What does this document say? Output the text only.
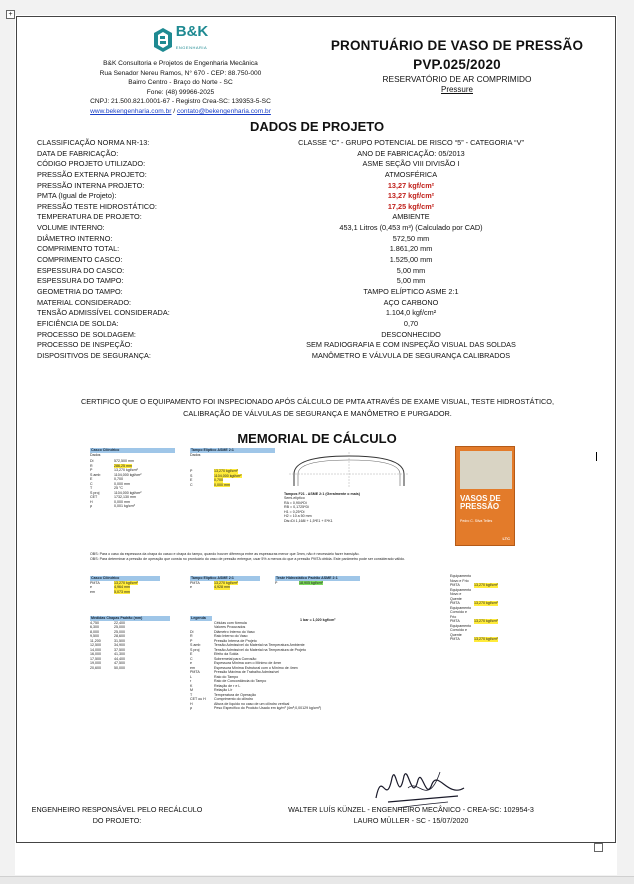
+
B&K
ENGENHARIA
B&K Consultoria e Projetos de Engenharia Mecânica
Rua Senador Nereu Ramos, N° 670 - CEP: 88.750-000
Bairro Centro - Braço do Norte - SC
Fone: (48) 99966-2025
CNPJ: 21.500.821.0001-67 - Registro Crea-SC: 139353-5-SC
www.bekengenharia.com.br / contato@bekengenharia.com.br
PRONTUÁRIO DE VASO DE PRESSÃO
PVP.025/2020
RESERVATÓRIO DE AR COMPRIMIDO
Pressure
DADOS DE PROJETO
CLASSIFICAÇÃO NORMA NR-13:	CLASSE “C” - GRUPO POTENCIAL DE RISCO “5” - CATEGORIA “V”
DATA DE FABRICAÇÃO:	ANO DE FABRICAÇÃO: 05/2013
CÓDIGO PROJETO UTILIZADO:	ASME SEÇÃO VIII DIVISÃO I
PRESSÃO EXTERNA PROJETO:	ATMOSFÉRICA
PRESSÃO INTERNA PROJETO:	13,27 kgf/cm²
PMTA (Igual de Projeto):	13,27 kgf/cm²
PRESSÃO TESTE HIDROSTÁTICO:	17,25 kgf/cm²
TEMPERATURA DE PROJETO:	AMBIENTE
VOLUME INTERNO:	453,1 Litros (0,453 m³) (Calculado por CAD)
DIÂMETRO INTERNO:	572,50 mm
COMPRIMENTO TOTAL:	1.861,20 mm
COMPRIMENTO CASCO:	1.525,00 mm
ESPESSURA DO CASCO:	5,00 mm
ESPESSURA DO TAMPO:	5,00 mm
GEOMETRIA DO TAMPO:	TAMPO ELÍPTICO ASME 2:1
MATERIAL CONSIDERADO:	AÇO CARBONO
TENSÃO ADMISSÍVEL CONSIDERADA:	1.104,0 kgf/cm²
EFICIÊNCIA DE SOLDA:	0,70
PROCESSO DE SOLDAGEM:	DESCONHECIDO
PROCESSO DE INSPEÇÃO:	SEM RADIOGRAFIA E COM INSPEÇÃO VISUAL DAS SOLDAS
DISPOSITIVOS DE SEGURANÇA:	MANÔMETRO E VÁLVULA DE SEGURANÇA CALIBRADOS
CERTIFICO QUE O EQUIPAMENTO FOI INSPECIONADO APÓS CÁLCULO DE PMTA ATRAVÉS DE EXAME VISUAL, TESTE HIDROSTÁTICO,
CALIBRAÇÃO DE VÁLVULAS DE SEGURANÇA E MANÔMETRO E PURGADOR.
MEMORIAL DE CÁLCULO
Casco Cilíndrico
Dados
Di	572,500 mm
R	286,25 mm
P	13,270 kgf/cm²
S amb	1104,000 kgf/cm²
E	0,700
C	0,000 mm
T	25 °C
S proj	1104,000 kgf/cm²
CET	1732,130 mm
H	0,000 mm
ρ	0,001 kg/cm³
Tampo Elíptico ASME 2:1
Dados
P	13,270 kgf/cm²
S	1104,000 kgf/cm²
E	0,700
C	0,000 mm
Tampos F21 - ASME 2:1 (Geralmente o mais)
Semi-elíptico
RA = 0,904*Di
RB = 0,1725*Di
H1 = 0,25*Di
H2 = 10 a 50 mm
Dis=Di 1,168l + 1,5*E1 + E*K1
VASOS DE PRESSÃO
Pedro C. Silva Telles
LTC
OBS: Para o caso da espessura da chapa do casco e chapa do tampo, quando houver diferença entre as espessuras menor que 3mm, não é necessário fazer transição.
OBS: Para determinar a pressão de operação que consta no prontuário do vaso de pressão entregue, usar 5% a menos do que a pressão PMTA obtida. Este parâmetro pode ser considerado válido.
Casco Cilíndrico
PMTA	13,270 kgf/cm²
e	4,964 mm
em	5,073 mm
Tampo Elíptico ASME 2:1
PMTA	13,270 kgf/cm²
e	4,928 mm
Teste Hidrostático Padrão ASME 2:1
P	18,905 kgf/cm²
Equipamento Novo e Frio
PMTA	13,270 kgf/cm²
Equipamento Novo e Quente
PMTA	13,270 kgf/cm²
Equipamento Corroído e Frio
PMTA	13,270 kgf/cm²
Equipamento Corroído e Quente
PMTA	13,270 kgf/cm²
1 bar = 1,020 kgf/cm²
Medidas Chapas Padrão (mm)
4,750	22,400
6,300	25,000
8,000	25,000
9,500	28,600
11,200	31,500
12,500	34,900
14,000	37,500
16,000	41,300
17,500	44,400
19,000	47,500
20,600	50,000
Legenda
Células com fórmula
Valores Procurados
Di	Diâmetro Interno do Vaso
R	Raio Interno do Vaso
P	Pressão Interna de Projeto
S amb	Tensão Admissível do Material na Temperatura Ambiente
S proj	Tensão Admissível do Material na Temperatura de Projeto
E	Efeito da Solda
C	Sobremetal para Corrosão
e	Espessura Mínima com o Mínimo de 4mm
em	Espessura Mínima Estrutural com o Mínimo de 4mm
PMTA	Pressão Máxima de Trabalho Admissível
L	Raio do Tampo
r	Raio de Concordância do Tampo
K	Relação de r e L
M	Relação L/r
T	Temperatura de Operação
CET ou H	Comprimento do cilindro
H	Altura de líquido no caso de um cilindro vertical
ρ	Peso Específico do Produto Usado em kg/m³ (4m³;0,00129 kg/cm³)
ENGENHEIRO RESPONSÁVEL PELO RECÁLCULO
DO PROJETO:
WALTER LUÍS KÜNZEL - ENGENHEIRO MECÂNICO - CREA-SC: 102954-3
LAURO MÜLLER - SC - 15/07/2020
